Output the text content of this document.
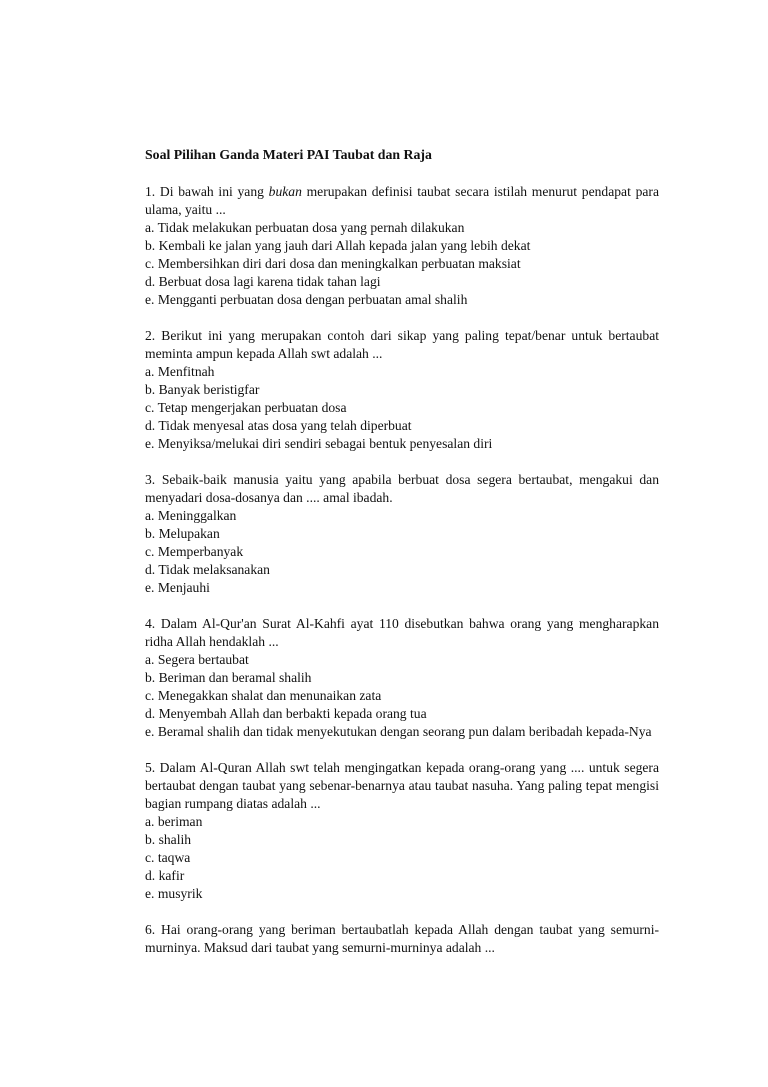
Soal Pilihan Ganda Materi PAI Taubat dan Raja
1. Di bawah ini yang bukan merupakan definisi taubat secara istilah menurut pendapat para ulama, yaitu ...
a. Tidak melakukan perbuatan dosa yang pernah dilakukan
b. Kembali ke jalan yang jauh dari Allah kepada jalan yang lebih dekat
c. Membersihkan diri dari dosa dan meningkalkan perbuatan maksiat
d. Berbuat dosa lagi karena tidak tahan lagi
e. Mengganti perbuatan dosa dengan perbuatan amal shalih
2. Berikut ini yang merupakan contoh dari sikap yang paling tepat/benar untuk bertaubat meminta ampun kepada Allah swt adalah ...
a. Menfitnah
b. Banyak beristigfar
c. Tetap mengerjakan perbuatan dosa
d. Tidak menyesal atas dosa yang telah diperbuat
e. Menyiksa/melukai diri sendiri sebagai bentuk penyesalan diri
3. Sebaik-baik manusia yaitu yang apabila berbuat dosa segera bertaubat, mengakui dan menyadari dosa-dosanya dan .... amal ibadah.
a. Meninggalkan
b. Melupakan
c. Memperbanyak
d. Tidak melaksanakan
e. Menjauhi
4. Dalam Al-Qur'an Surat Al-Kahfi ayat 110 disebutkan bahwa orang yang mengharapkan ridha Allah hendaklah ...
a. Segera bertaubat
b. Beriman dan beramal shalih
c. Menegakkan shalat dan menunaikan zata
d. Menyembah Allah dan berbakti kepada orang tua
e. Beramal shalih dan tidak menyekutukan dengan seorang pun dalam beribadah kepada-Nya
5. Dalam Al-Quran Allah swt telah mengingatkan kepada orang-orang yang .... untuk segera bertaubat dengan taubat yang sebenar-benarnya atau taubat nasuha. Yang paling tepat mengisi bagian rumpang diatas adalah ...
a. beriman
b. shalih
c. taqwa
d. kafir
e. musyrik
6. Hai orang-orang yang beriman bertaubatlah kepada Allah dengan taubat yang semurni-murninya. Maksud dari taubat yang semurni-murninya adalah ...
